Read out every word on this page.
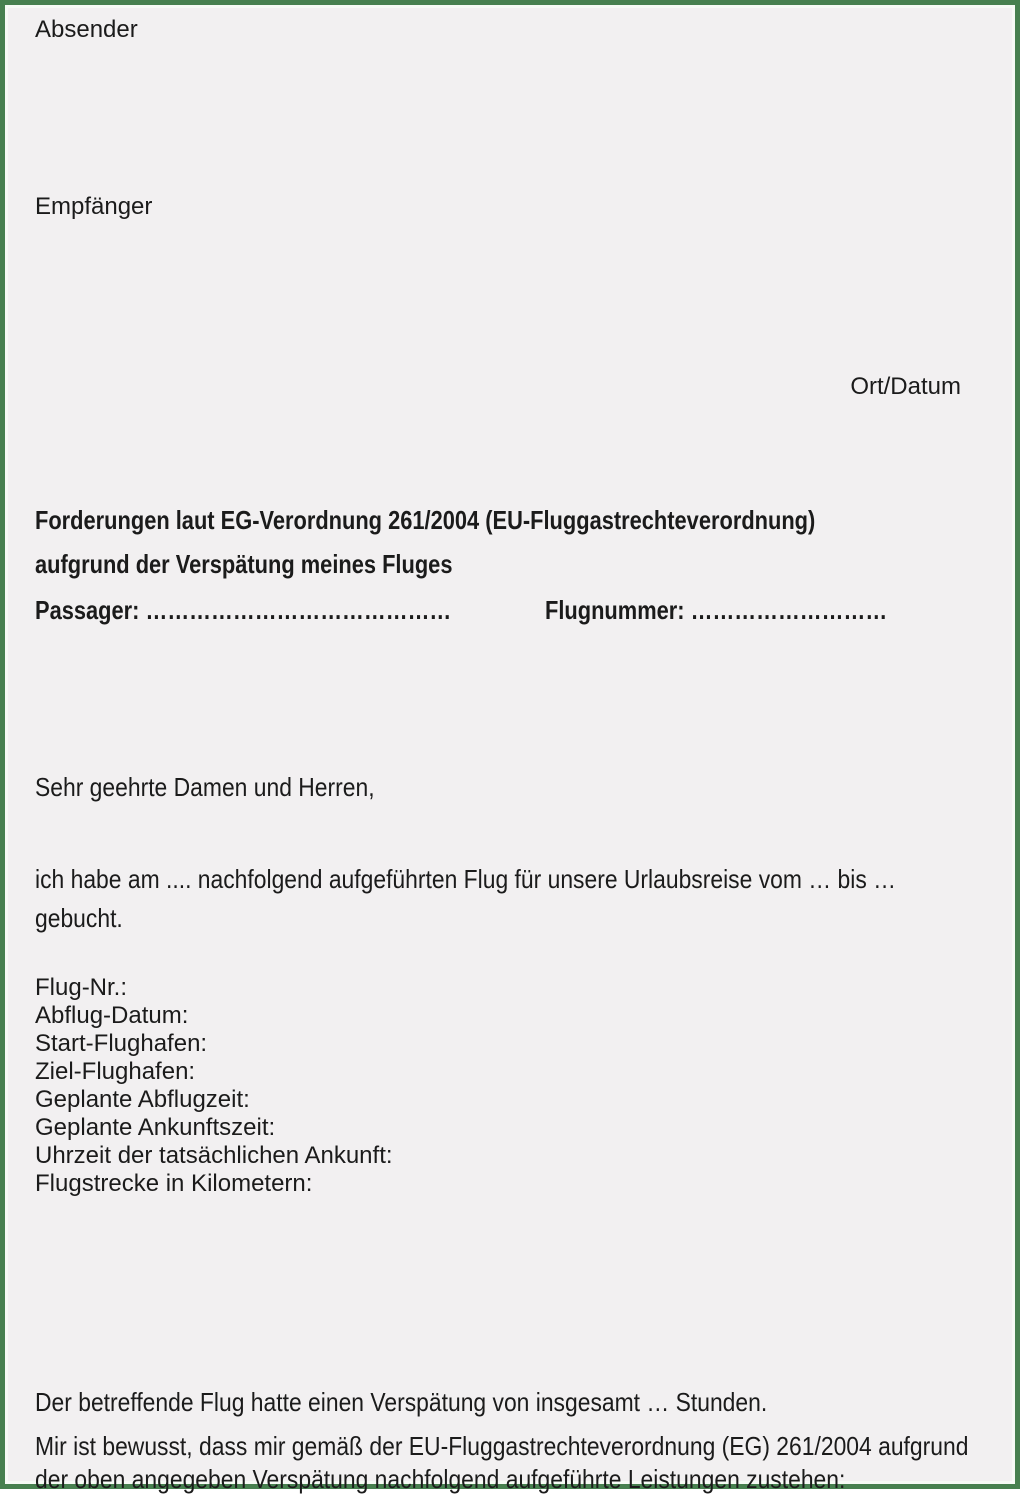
Absender
Empfänger
Ort/Datum
Forderungen laut EG-Verordnung 261/2004 (EU-Fluggastrechteverordnung)
aufgrund der Verspätung meines Fluges
Passager: ……………………………………	Flugnummer: ………………………
Sehr geehrte Damen und Herren,
ich habe am .... nachfolgend aufgeführten Flug für unsere Urlaubsreise vom … bis …
gebucht.
Flug-Nr.:
Abflug-Datum:
Start-Flughafen:
Ziel-Flughafen:
Geplante Abflugzeit:
Geplante Ankunftszeit:
Uhrzeit der tatsächlichen Ankunft:
Flugstrecke in Kilometern:
Der betreffende Flug hatte einen Verspätung von insgesamt … Stunden.
Mir ist bewusst, dass mir gemäß der EU-Fluggastrechteverordnung (EG) 261/2004 aufgrund
der oben angegeben Verspätung nachfolgend aufgeführte Leistungen zustehen:
